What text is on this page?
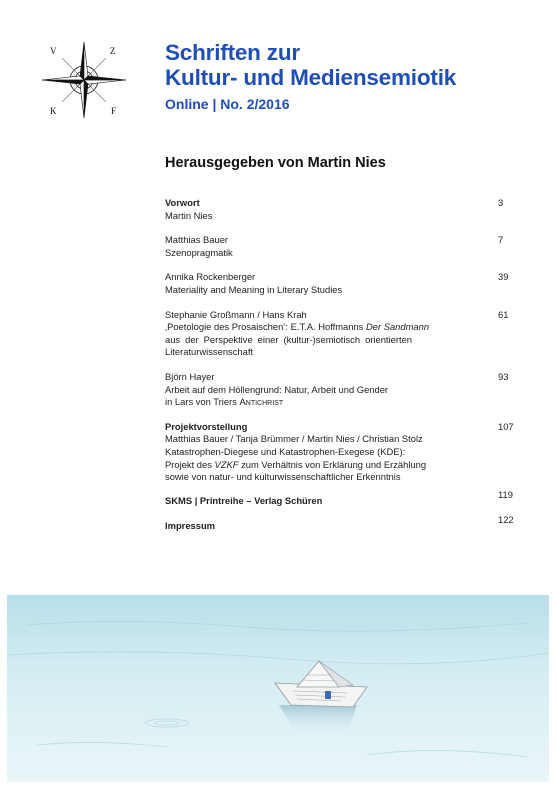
V	Z
K	F
Schriften zur
Kultur- und Mediensemiotik
Online | No. 2/2016
Herausgegeben von Martin Nies
Vorwort
Martin Nies
3
Matthias Bauer
Szenopragmatik
7
Annika Rockenberger
Materiality and Meaning in Literary Studies
39
Stephanie Großmann / Hans Krah
‚Poetologie des Prosaischen‘: E.T.A. Hoffmanns Der Sandmann
aus der Perspektive einer (kultur-)semiotisch orientierten
Literaturwissenschaft
61
Björn Hayer
Arbeit auf dem Höllengrund: Natur, Arbeit und Gender
in Lars von Triers Antichrist
93
Projektvorstellung
Matthias Bauer / Tanja Brümmer / Martin Nies / Christian Stolz
Katastrophen-Diegese und Katastrophen-Exegese (KDE):
Projekt des VZKF zum Verhältnis von Erklärung und Erzählung
sowie von natur- und kulturwissenschaftlicher Erkenntnis
107
SKMS | Printreihe – Verlag Schüren
119
Impressum
122
